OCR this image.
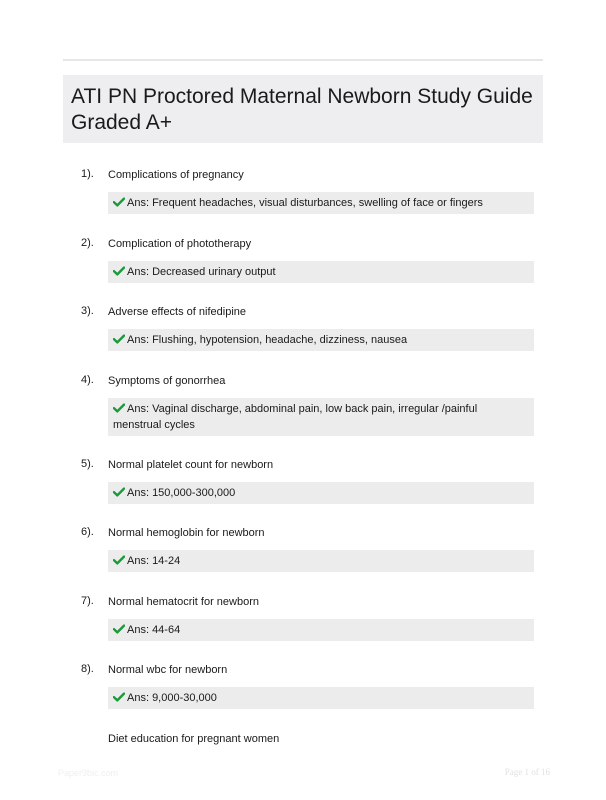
ATI PN Proctored Maternal Newborn Study Guide Graded A+
1). Complications of pregnancy
Ans: Frequent headaches, visual disturbances, swelling of face or fingers
2). Complication of phototherapy
Ans: Decreased urinary output
3). Adverse effects of nifedipine
Ans: Flushing, hypotension, headache, dizziness, nausea
4). Symptoms of gonorrhea
Ans: Vaginal discharge, abdominal pain, low back pain, irregular /painful menstrual cycles
5). Normal platelet count for newborn
Ans: 150,000-300,000
6). Normal hemoglobin for newborn
Ans: 14-24
7). Normal hematocrit for newborn
Ans: 44-64
8). Normal wbc for newborn
Ans: 9,000-30,000
Diet education for pregnant women
Paper9bic.com	Page 1 of 16
